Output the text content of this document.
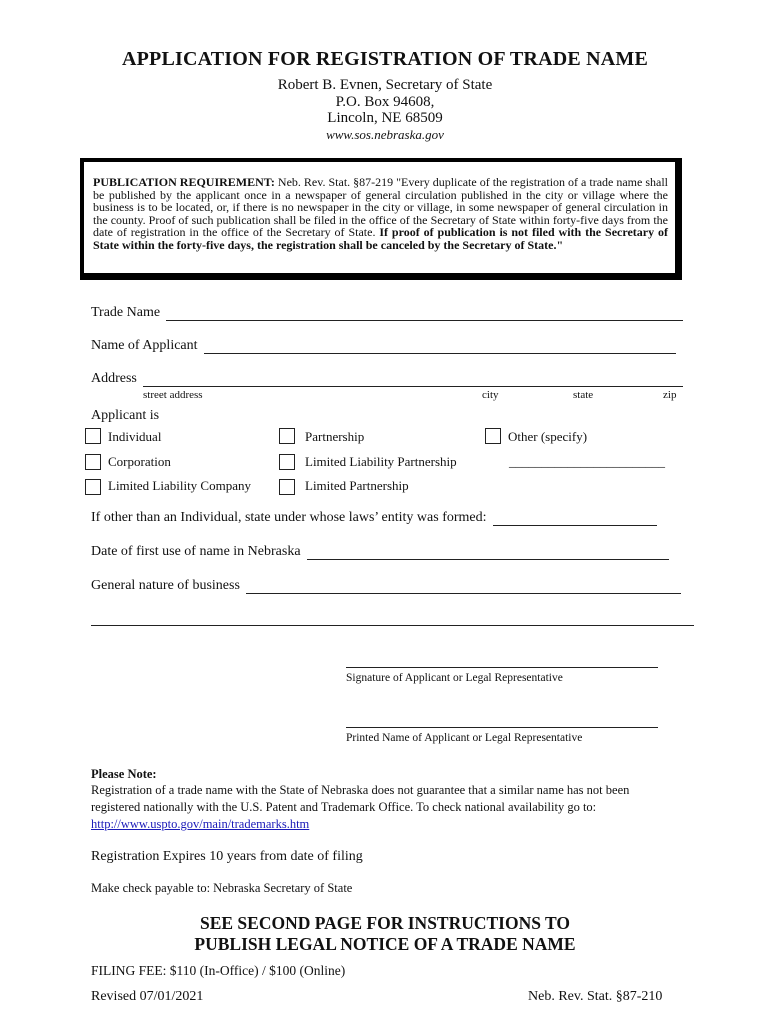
APPLICATION FOR REGISTRATION OF TRADE NAME
Robert B. Evnen, Secretary of State
P.O. Box 94608,
Lincoln, NE 68509
www.sos.nebraska.gov
PUBLICATION REQUIREMENT: Neb. Rev. Stat. §87-219 "Every duplicate of the registration of a trade name shall be published by the applicant once in a newspaper of general circulation published in the city or village where the business is to be located, or, if there is no newspaper in the city or village, in some newspaper of general circulation in the county. Proof of such publication shall be filed in the office of the Secretary of State within forty-five days from the date of registration in the office of the Secretary of State. If proof of publication is not filed with the Secretary of State within the forty-five days, the registration shall be canceled by the Secretary of State."
Trade Name
Name of Applicant
Address
street address	city	state	zip
Applicant is
Individual	Partnership	Other (specify)
Corporation	Limited Liability Partnership	________________________
Limited Liability Company	Limited Partnership
If other than an Individual, state under whose laws’ entity was formed:
Date of first use of name in Nebraska
General nature of business
Signature of Applicant or Legal Representative
Printed Name of Applicant or Legal Representative
Please Note:
Registration of a trade name with the State of Nebraska does not guarantee that a similar name has not been registered nationally with the U.S. Patent and Trademark Office. To check national availability go to: http://www.uspto.gov/main/trademarks.htm
Registration Expires 10 years from date of filing
Make check payable to: Nebraska Secretary of State
SEE SECOND PAGE FOR INSTRUCTIONS TO
PUBLISH LEGAL NOTICE OF A TRADE NAME
FILING FEE: $110 (In-Office) / $100 (Online)
Revised 07/01/2021	Neb. Rev. Stat. §87-210
